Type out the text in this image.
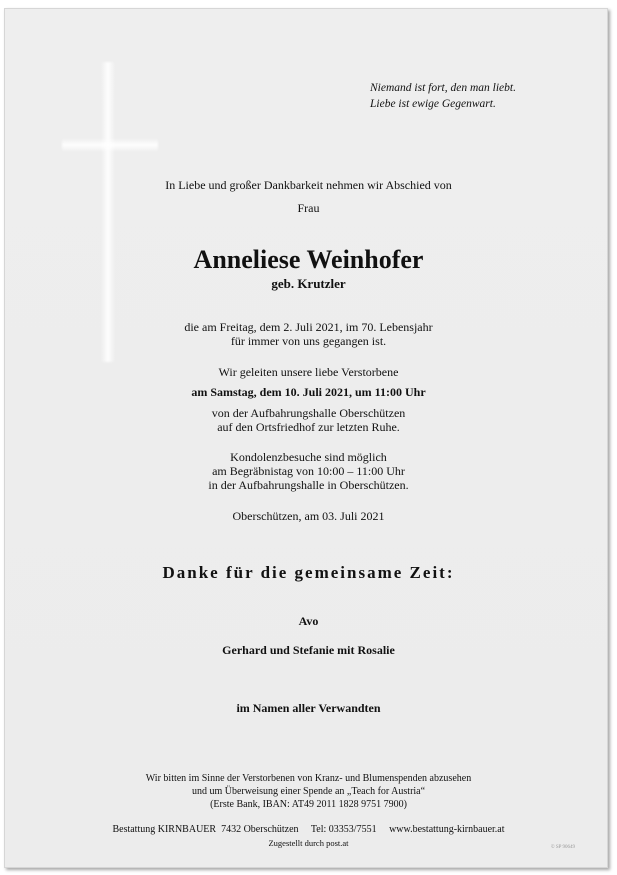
Niemand ist fort, den man liebt.
Liebe ist ewige Gegenwart.
In Liebe und großer Dankbarkeit nehmen wir Abschied von
Frau
Anneliese Weinhofer
geb. Krutzler
die am Freitag, dem 2. Juli 2021, im 70. Lebensjahr
für immer von uns gegangen ist.
Wir geleiten unsere liebe Verstorbene
am Samstag, dem 10. Juli 2021, um 11:00 Uhr
von der Aufbahrungshalle Oberschützen
auf den Ortsfriedhof zur letzten Ruhe.
Kondolenzbesuche sind möglich
am Begräbnistag von 10:00 – 11:00 Uhr
in der Aufbahrungshalle in Oberschützen.
Oberschützen, am 03. Juli 2021
Danke für die gemeinsame Zeit:
Avo
Gerhard und Stefanie mit Rosalie
im Namen aller Verwandten
Wir bitten im Sinne der Verstorbenen von Kranz- und Blumenspenden abzusehen
und um Überweisung einer Spende an „Teach for Austria“
(Erste Bank, IBAN: AT49 2011 1828 9751 7900)
Bestattung KIRNBAUER 7432 Oberschützen Tel: 03353/7551 www.bestattung-kirnbauer.at
Zugestellt durch post.at	© SP 90649
